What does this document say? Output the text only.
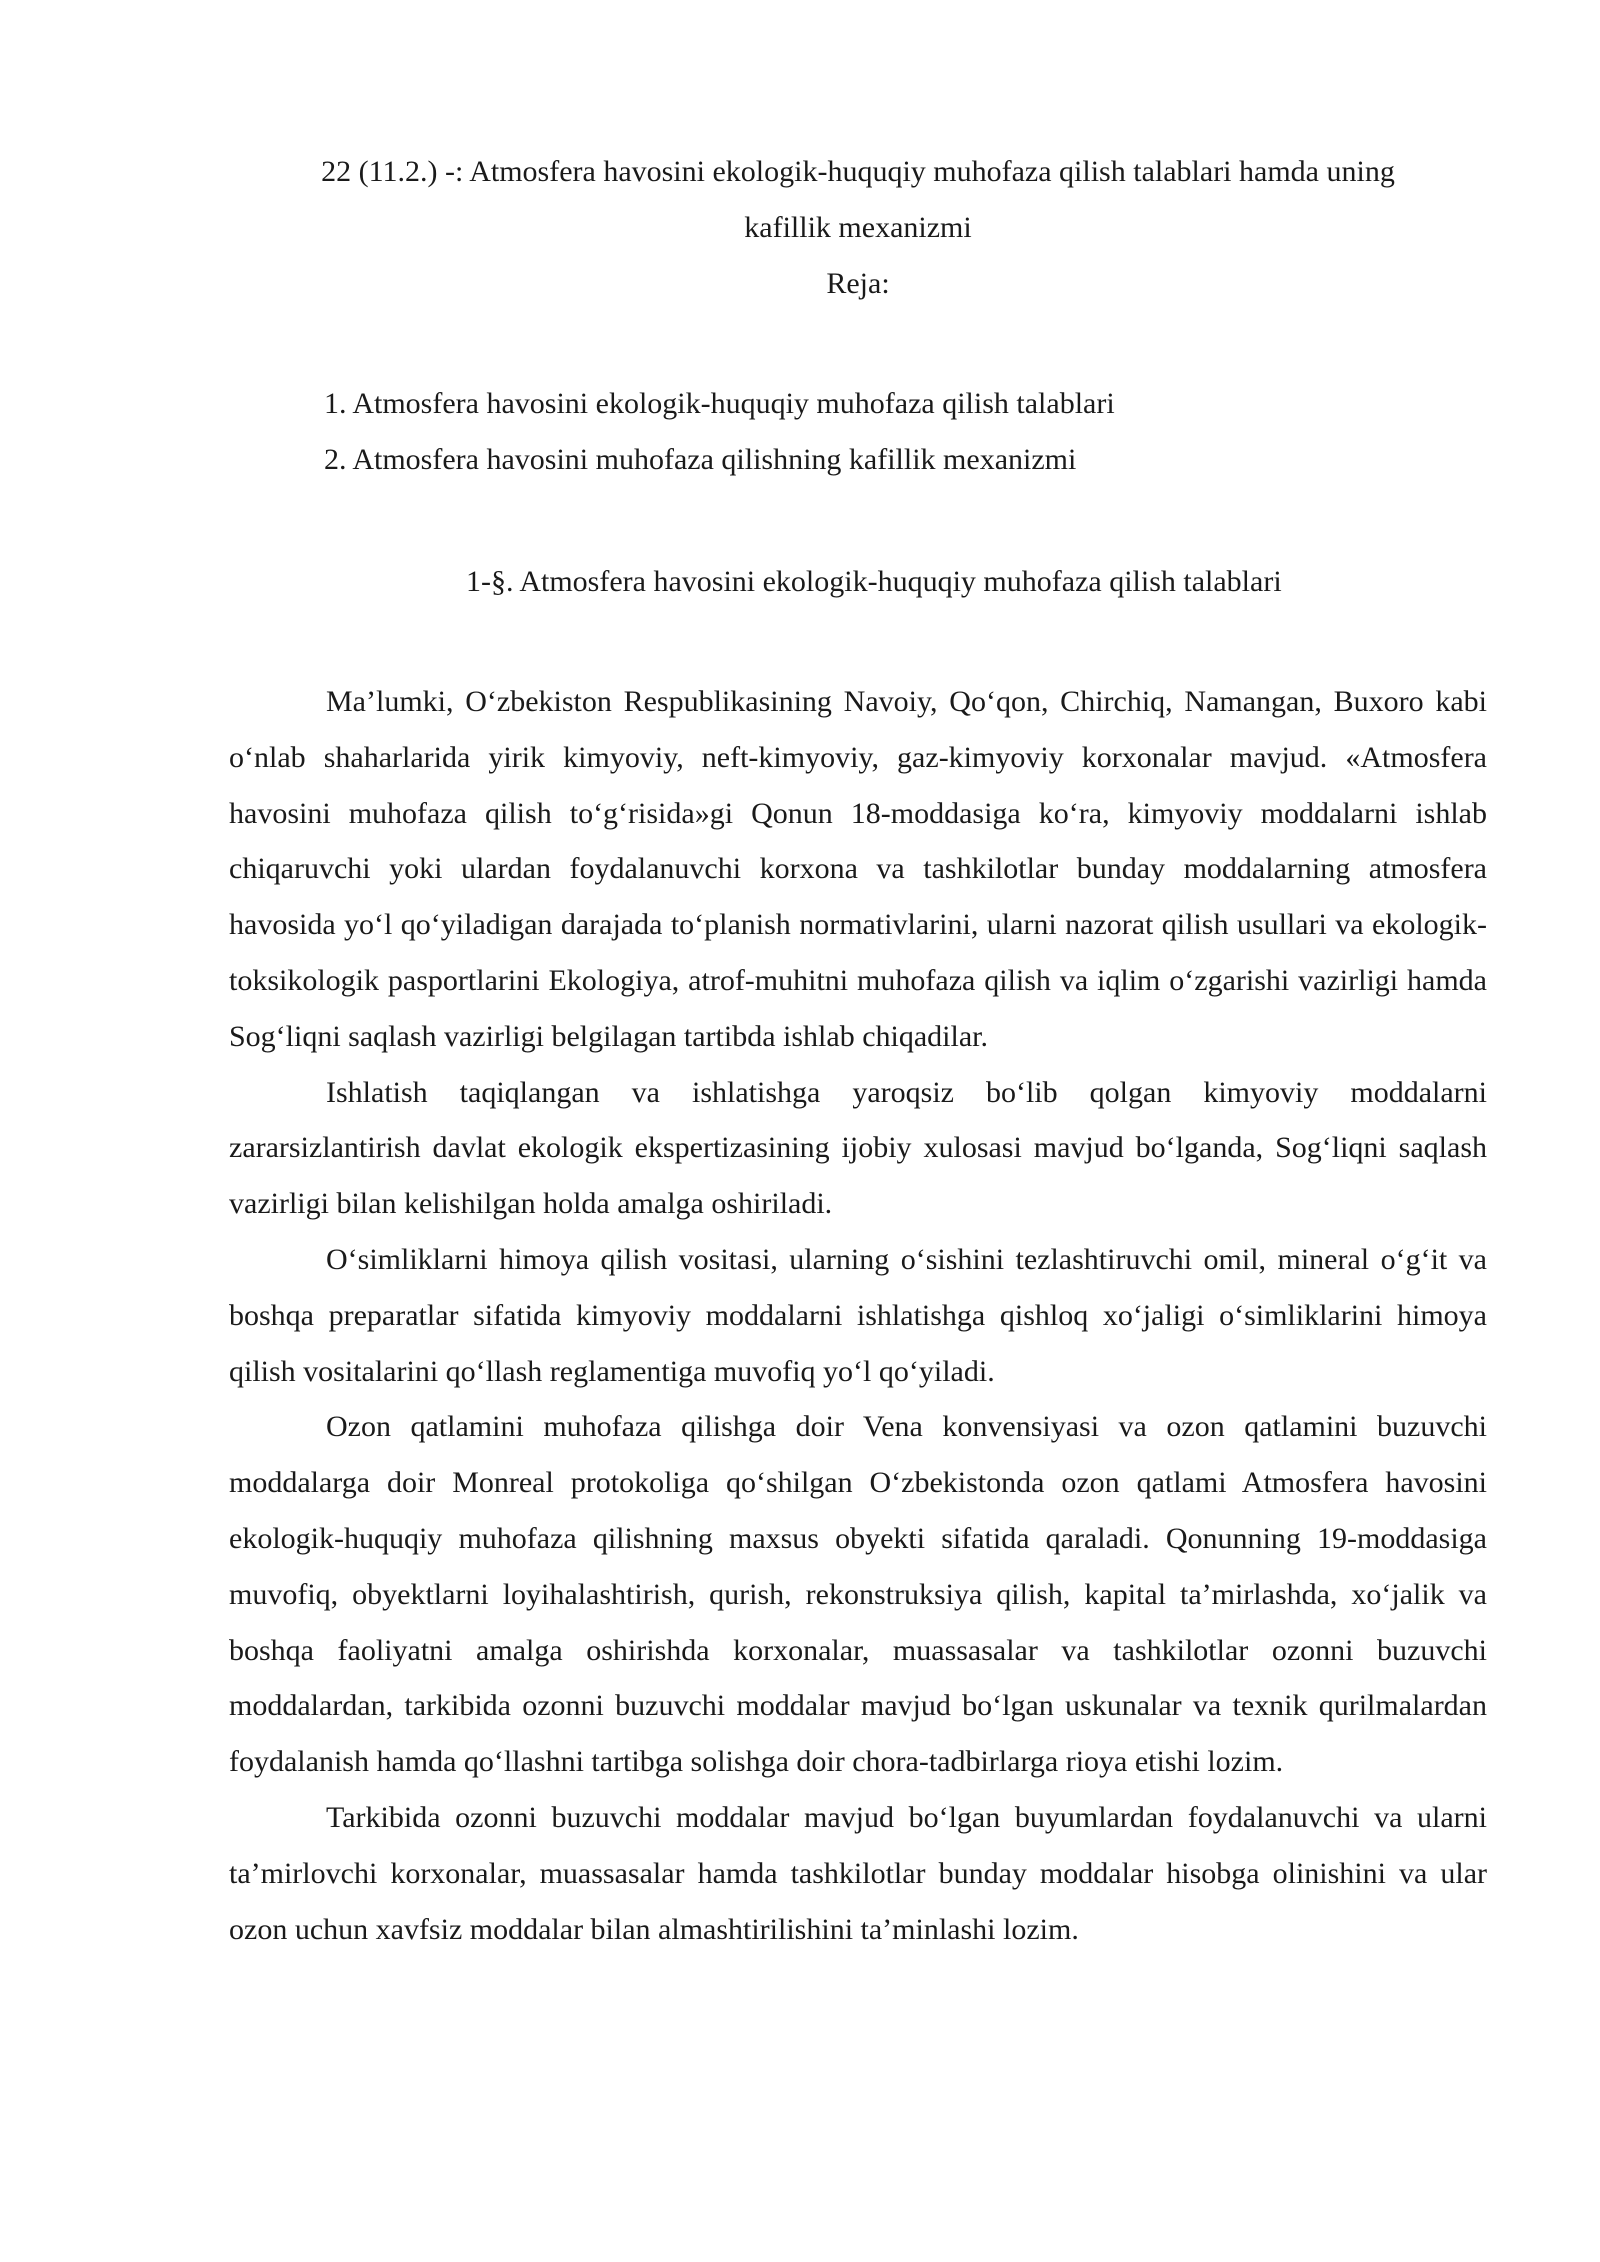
22 (11.2.) -: Atmosfera havosini ekologik-huquqiy muhofaza qilish talablari hamda uning
kafillik mexanizmi
Reja:
1. Atmosfera havosini ekologik-huquqiy muhofaza qilish talablari
2. Atmosfera havosini muhofaza qilishning kafillik mexanizmi
1-§. Atmosfera havosini ekologik-huquqiy muhofaza qilish talablari

Ma’lumki, O‘zbekiston Respublikasining Navoiy, Qo‘qon, Chirchiq, Namangan, Buxoro kabi o‘nlab shaharlarida yirik kimyoviy, neft-kimyoviy, gaz-kimyoviy korxonalar mavjud. «Atmosfera havosini muhofaza qilish to‘g‘risida»gi Qonun 18-moddasiga ko‘ra, kimyoviy moddalarni ishlab chiqaruvchi yoki ulardan foydalanuvchi korxona va tashkilotlar bunday moddalarning atmosfera havosida yo‘l qo‘yiladigan darajada to‘planish normativlarini, ularni nazorat qilish usullari va ekologik-toksikologik pasportlarini Ekologiya, atrof-muhitni muhofaza qilish va iqlim o‘zgarishi vazirligi hamda Sog‘liqni saqlash vazirligi belgilagan tartibda ishlab chiqadilar.

Ishlatish taqiqlangan va ishlatishga yaroqsiz bo‘lib qolgan kimyoviy moddalarni zararsizlantirish davlat ekologik ekspertizasining ijobiy xulosasi mavjud bo‘lganda, Sog‘liqni saqlash vazirligi bilan kelishilgan holda amalga oshiriladi.

O‘simliklarni himoya qilish vositasi, ularning o‘sishini tezlashtiruvchi omil, mineral o‘g‘it va boshqa preparatlar sifatida kimyoviy moddalarni ishlatishga qishloq xo‘jaligi o‘simliklarini himoya qilish vositalarini qo‘llash reglamentiga muvofiq yo‘l qo‘yiladi.

Ozon qatlamini muhofaza qilishga doir Vena konvensiyasi va ozon qatlamini buzuvchi moddalarga doir Monreal protokoliga qo‘shilgan O‘zbekistonda ozon qatlami Atmosfera havosini ekologik-huquqiy muhofaza qilishning maxsus obyekti sifatida qaraladi. Qonunning 19-moddasiga muvofiq, obyektlarni loyihalashtirish, qurish, rekonstruksiya qilish, kapital ta’mirlashda, xo‘jalik va boshqa faoliyatni amalga oshirishda korxonalar, muassasalar va tashkilotlar ozonni buzuvchi moddalardan, tarkibida ozonni buzuvchi moddalar mavjud bo‘lgan uskunalar va texnik qurilmalardan foydalanish hamda qo‘llashni tartibga solishga doir chora-tadbirlarga rioya etishi lozim.

Tarkibida ozonni buzuvchi moddalar mavjud bo‘lgan buyumlardan foydalanuvchi va ularni ta’mirlovchi korxonalar, muassasalar hamda tashkilotlar bunday moddalar hisobga olinishini va ular ozon uchun xavfsiz moddalar bilan almashtirilishini ta’minlashi lozim.
